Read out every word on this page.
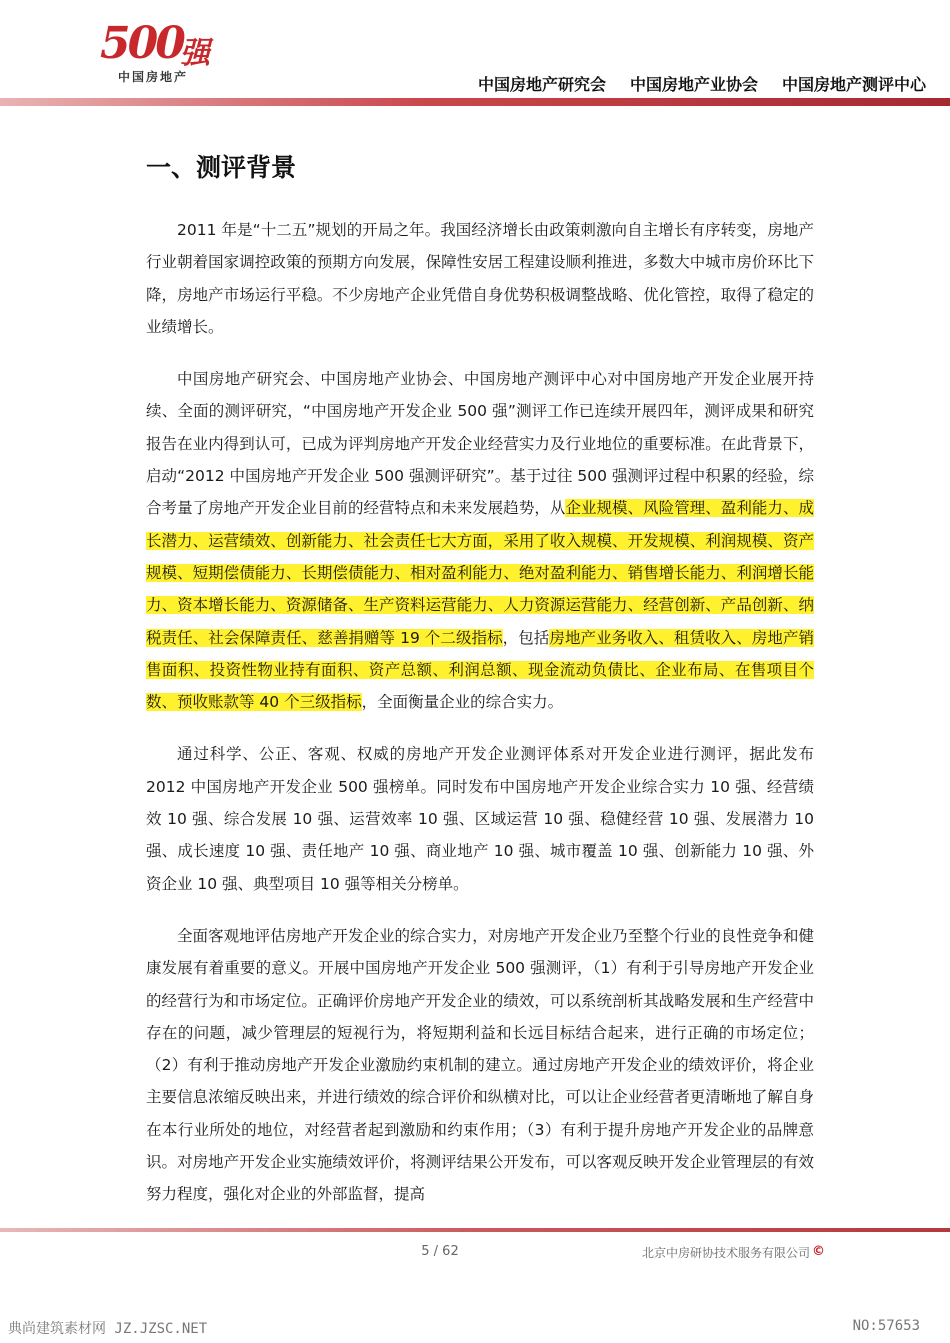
500
强
中国房地产	中国房地产研究会 中国房地产业协会 中国房地产测评中心
一、测评背景

2011 年是“十二五”规划的开局之年。我国经济增长由政策刺激向自主增长有序转变，房地产行业朝着国家调控政策的预期方向发展，保障性安居工程建设顺利推进，多数大中城市房价环比下降，房地产市场运行平稳。不少房地产企业凭借自身优势积极调整战略、优化管控，取得了稳定的业绩增长。

中国房地产研究会、中国房地产业协会、中国房地产测评中心对中国房地产开发企业展开持续、全面的测评研究，“中国房地产开发企业 500 强”测评工作已连续开展四年，测评成果和研究报告在业内得到认可，已成为评判房地产开发企业经营实力及行业地位的重要标准。在此背景下，启动“2012 中国房地产开发企业 500 强测评研究”。基于过往 500 强测评过程中积累的经验，综合考量了房地产开发企业目前的经营特点和未来发展趋势，从企业规模、风险管理、盈利能力、成长潜力、运营绩效、创新能力、社会责任七大方面，采用了收入规模、开发规模、利润规模、资产规模、短期偿债能力、长期偿债能力、相对盈利能力、绝对盈利能力、销售增长能力、利润增长能力、资本增长能力、资源储备、生产资料运营能力、人力资源运营能力、经营创新、产品创新、纳税责任、社会保障责任、慈善捐赠等 19 个二级指标，包括房地产业务收入、租赁收入、房地产销售面积、投资性物业持有面积、资产总额、利润总额、现金流动负债比、企业布局、在售项目个数、预收账款等 40 个三级指标，全面衡量企业的综合实力。

通过科学、公正、客观、权威的房地产开发企业测评体系对开发企业进行测评，据此发布 2012 中国房地产开发企业 500 强榜单。同时发布中国房地产开发企业综合实力 10 强、经营绩效 10 强、综合发展 10 强、运营效率 10 强、区域运营 10 强、稳健经营 10 强、发展潜力 10 强、成长速度 10 强、责任地产 10 强、商业地产 10 强、城市覆盖 10 强、创新能力 10 强、外资企业 10 强、典型项目 10 强等相关分榜单。

全面客观地评估房地产开发企业的综合实力，对房地产开发企业乃至整个行业的良性竞争和健康发展有着重要的意义。开展中国房地产开发企业 500 强测评，（1）有利于引导房地产开发企业的经营行为和市场定位。正确评价房地产开发企业的绩效，可以系统剖析其战略发展和生产经营中存在的问题，减少管理层的短视行为，将短期利益和长远目标结合起来，进行正确的市场定位；（2）有利于推动房地产开发企业激励约束机制的建立。通过房地产开发企业的绩效评价，将企业主要信息浓缩反映出来，并进行绩效的综合评价和纵横对比，可以让企业经营者更清晰地了解自身在本行业所处的地位，对经营者起到激励和约束作用；（3）有利于提升房地产开发企业的品牌意识。对房地产开发企业实施绩效评价，将测评结果公开发布，可以客观反映开发企业管理层的有效努力程度，强化对企业的外部监督，提高

5 / 62	北京中房研协技术服务有限公司 ©
典尚建筑素材网 JZ.JZSC.NET	NO:57653
